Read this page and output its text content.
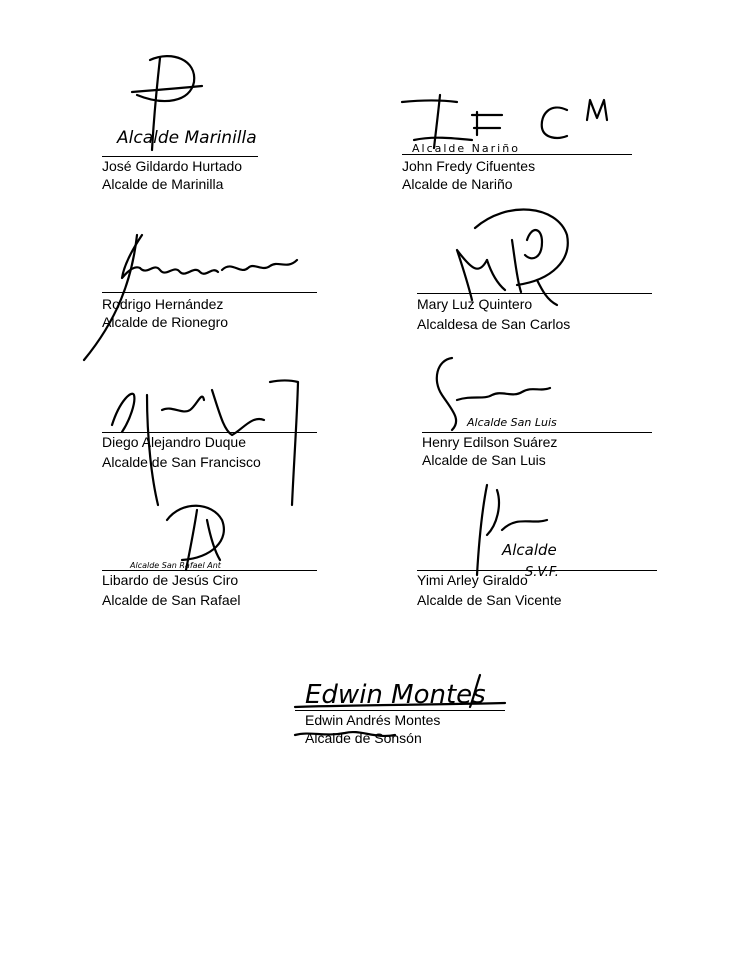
Alcalde Marinilla
José Gildardo Hurtado
Alcalde de Marinilla
Alcalde Nariño
John Fredy Cifuentes
Alcalde de Nariño
Rodrigo Hernández
Alcalde de Rionegro
Mary Luz Quintero
Alcaldesa de San Carlos
Diego Alejandro Duque
Alcalde de San Francisco
Alcalde San Luis
Henry Edilson Suárez
Alcalde de San Luis
Alcalde San Rafael Ant
Libardo de Jesús Ciro
Alcalde de San Rafael
Alcalde
S.V.F.
Yimi Arley Giraldo
Alcalde de San Vicente
Edwin Montes
Edwin Andrés Montes
Alcalde de Sonsón
